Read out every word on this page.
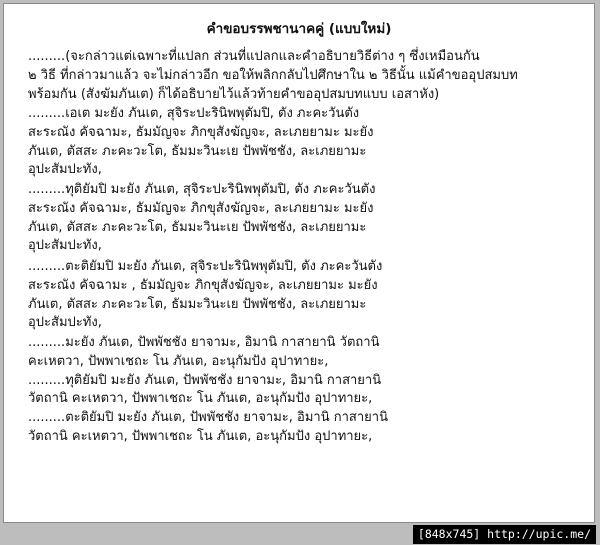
คำขอบรรพชานาคคู่ (แบบใหม่)

.........(จะกล่าวแต่เฉพาะที่แปลก ส่วนที่แปลกและคำอธิบายวิธีต่าง ๆ ซึ่งเหมือนกัน
๒ วิธี ที่กล่าวมาแล้ว จะไม่กล่าวอีก ขอให้พลิกกลับไปศึกษาใน ๒ วิธีนั้น แม้คำขออุปสมบท
พร้อมกัน (สังฆัมภันเต) ก็ได้อธิบายไว้แล้วท้ายคำขออุปสมบทแบบ เอสาหัง)

.........เอเต มะยัง ภันเต, สุจิระปะรินิพพุตัมปิ, ตัง ภะคะวันตัง
สะระณัง คัจฉามะ, ธัมมัญจะ ภิกขุสังฆัญจะ, ละเภยยามะ มะยัง
ภันเต, ตัสสะ ภะคะวะโต, ธัมมะวินะเย ปัพพัชชัง, ละเภยยามะ
อุปะสัมปะทัง,

.........ทุติยัมปิ มะยัง ภันเต, สุจิระปะรินิพพุตัมปิ, ตัง ภะคะวันตัง
สะระณัง คัจฉามะ, ธัมมัญจะ ภิกขุสังฆัญจะ, ละเภยยามะ มะยัง
ภันเต, ตัสสะ ภะคะวะโต, ธัมมะวินะเย ปัพพัชชัง, ละเภยยามะ
อุปะสัมปะทัง,

.........ตะติยัมปิ มะยัง ภันเต, สุจิระปะรินิพพุตัมปิ, ตัง ภะคะวันตัง
สะระณัง คัจฉามะ , ธัมมัญจะ ภิกขุสังฆัญจะ, ละเภยยามะ มะยัง
ภันเต, ตัสสะ ภะคะวะโต, ธัมมะวินะเย ปัพพัชชัง, ละเภยยามะ
อุปะสัมปะทัง,

.........มะยัง ภันเต, ปัพพัชชัง ยาจามะ, อิมานิ กาสายานิ วัตถานิ
คะเหตวา, ปัพพาเชถะ โน ภันเต, อะนุกัมปัง อุปาทายะ,
.........ทุติยัมปิ มะยัง ภันเต, ปัพพัชชัง ยาจามะ, อิมานิ กาสายานิ
วัตถานิ คะเหตวา, ปัพพาเชถะ โน ภันเต, อะนุกัมปัง อุปาทายะ,
.........ตะติยัมปิ มะยัง ภันเต, ปัพพัชชัง ยาจามะ, อิมานิ กาสายานิ
วัตถานิ คะเหตวา, ปัพพาเชถะ โน ภันเต, อะนุกัมปัง อุปาทายะ,

[848x745] http://upic.me/
